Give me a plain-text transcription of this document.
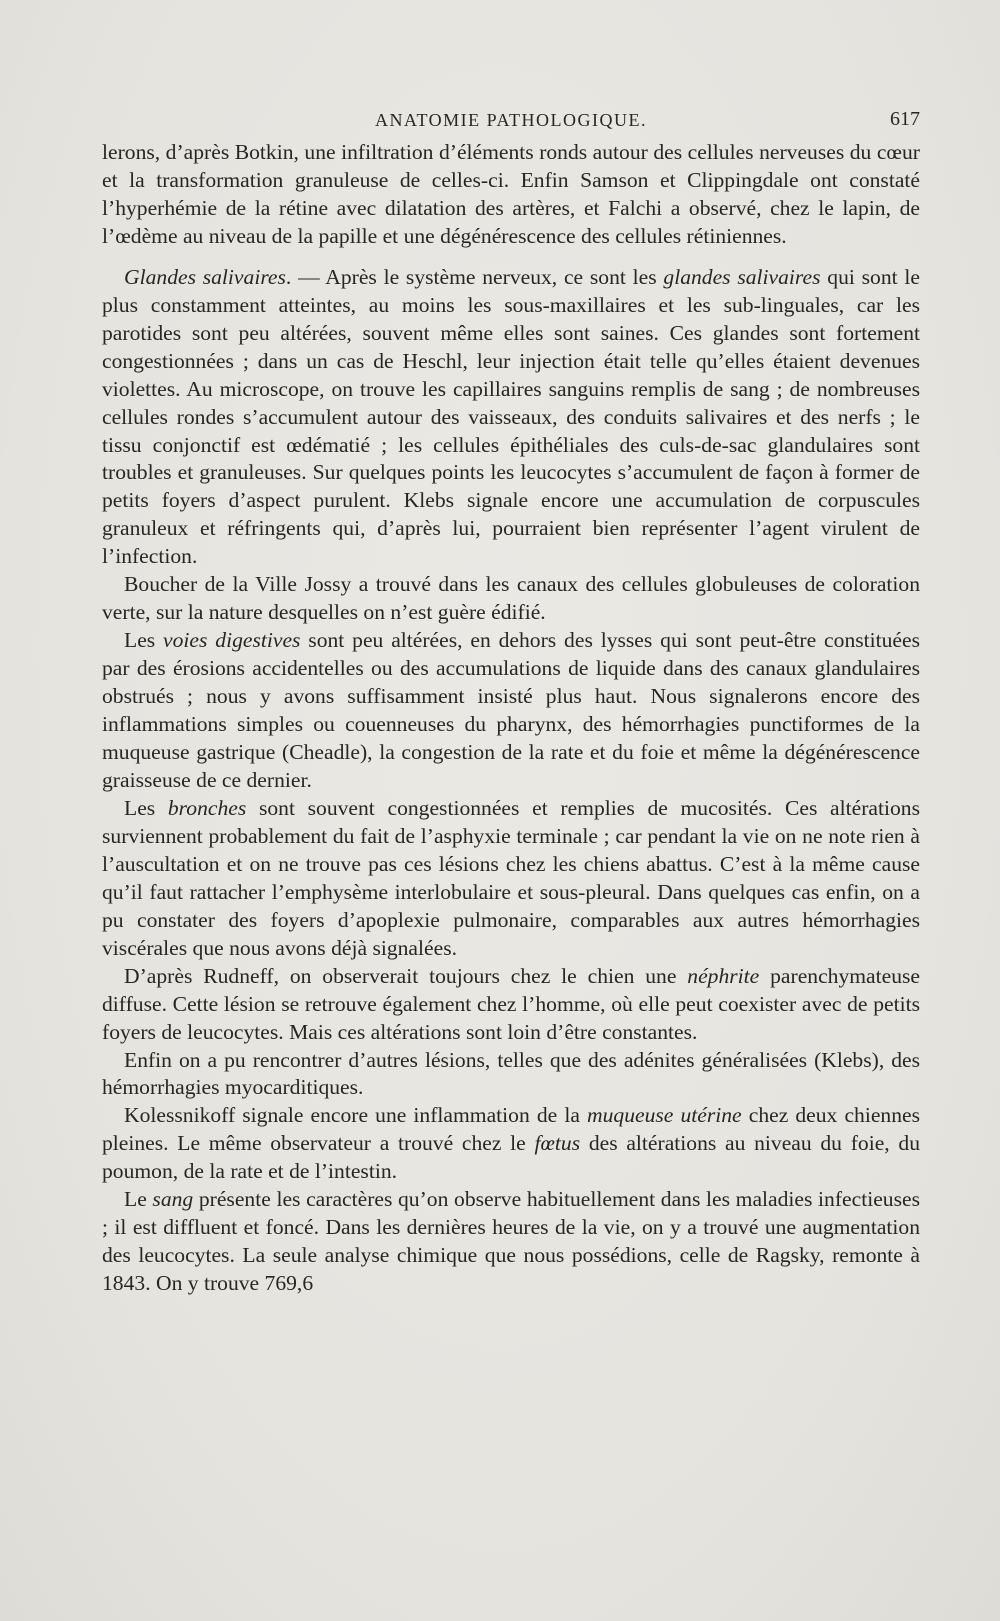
ANATOMIE PATHOLOGIQUE.	617

lerons, d’après Botkin, une infiltration d’éléments ronds autour des cellules nerveuses du cœur et la transformation granuleuse de celles-ci. Enfin Samson et Clippingdale ont constaté l’hyperhémie de la rétine avec dilatation des artères, et Falchi a observé, chez le lapin, de l’œdème au niveau de la papille et une dégénérescence des cellules rétiniennes.

Glandes salivaires. — Après le système nerveux, ce sont les glandes salivaires qui sont le plus constamment atteintes, au moins les sous-maxillaires et les sub-linguales, car les parotides sont peu altérées, souvent même elles sont saines. Ces glandes sont fortement congestionnées ; dans un cas de Heschl, leur injection était telle qu’elles étaient devenues violettes. Au microscope, on trouve les capillaires sanguins remplis de sang ; de nombreuses cellules rondes s’accumulent autour des vaisseaux, des conduits salivaires et des nerfs ; le tissu conjonctif est œdématié ; les cellules épithéliales des culs-de-sac glandulaires sont troubles et granuleuses. Sur quelques points les leucocytes s’accumulent de façon à former de petits foyers d’aspect purulent. Klebs signale encore une accumulation de corpuscules granuleux et réfringents qui, d’après lui, pourraient bien représenter l’agent virulent de l’infection.

Boucher de la Ville Jossy a trouvé dans les canaux des cellules globuleuses de coloration verte, sur la nature desquelles on n’est guère édifié.

Les voies digestives sont peu altérées, en dehors des lysses qui sont peut-être constituées par des érosions accidentelles ou des accumulations de liquide dans des canaux glandulaires obstrués ; nous y avons suffisamment insisté plus haut. Nous signalerons encore des inflammations simples ou couenneuses du pharynx, des hémorrhagies punctiformes de la muqueuse gastrique (Cheadle), la congestion de la rate et du foie et même la dégénérescence graisseuse de ce dernier.

Les bronches sont souvent congestionnées et remplies de mucosités. Ces altérations surviennent probablement du fait de l’asphyxie terminale ; car pendant la vie on ne note rien à l’auscultation et on ne trouve pas ces lésions chez les chiens abattus. C’est à la même cause qu’il faut rattacher l’emphysème interlobulaire et sous-pleural. Dans quelques cas enfin, on a pu constater des foyers d’apoplexie pulmonaire, comparables aux autres hémorrhagies viscérales que nous avons déjà signalées.

D’après Rudneff, on observerait toujours chez le chien une néphrite parenchymateuse diffuse. Cette lésion se retrouve également chez l’homme, où elle peut coexister avec de petits foyers de leucocytes. Mais ces altérations sont loin d’être constantes.

Enfin on a pu rencontrer d’autres lésions, telles que des adénites généralisées (Klebs), des hémorrhagies myocarditiques.

Kolessnikoff signale encore une inflammation de la muqueuse utérine chez deux chiennes pleines. Le même observateur a trouvé chez le fœtus des altérations au niveau du foie, du poumon, de la rate et de l’intestin.

Le sang présente les caractères qu’on observe habituellement dans les maladies infectieuses ; il est diffluent et foncé. Dans les dernières heures de la vie, on y a trouvé une augmentation des leucocytes. La seule analyse chimique que nous possédions, celle de Ragsky, remonte à 1843. On y trouve 769,6
